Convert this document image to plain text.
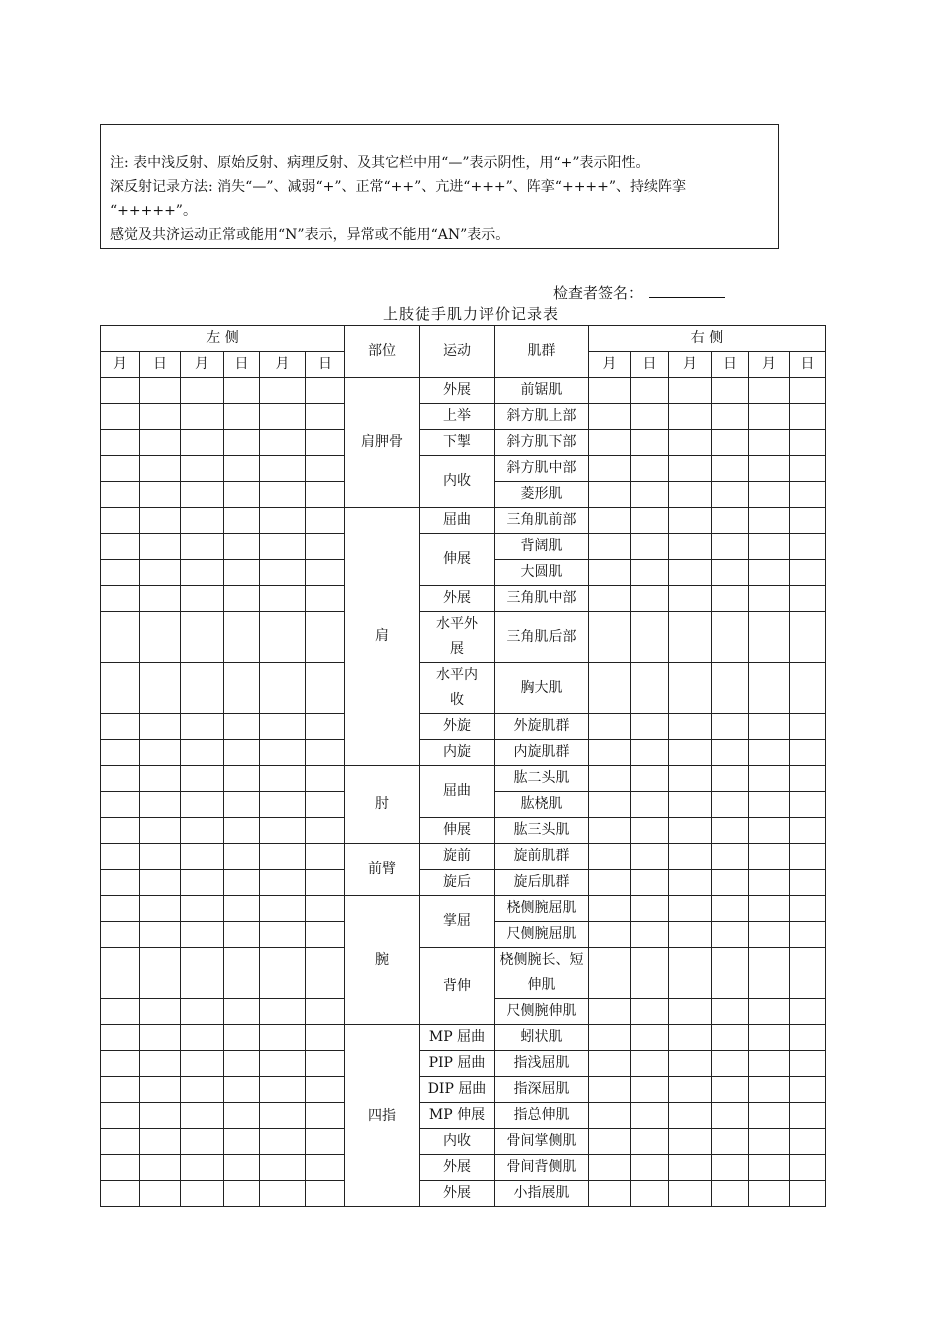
注: 表中浅反射、原始反射、病理反射、及其它栏中用“—”表示阴性，用“+”表示阳性。

深反射记录方法: 消失“—”、减弱“+”、正常“++”、亢进“+++”、阵挛“++++”、持续阵挛

“+++++”。

感觉及共济运动正常或能用“N”表示，异常或不能用“AN”表示。

检查者签名：
上肢徒手肌力评价记录表
左 侧						部位	运动	肌群	右 侧					
月	日	月	日	月	日				月	日	月	日	月	日
						肩胛骨	外展	前锯肌						
							上举	斜方肌上部						
							下掣	斜方肌下部						
							内收	斜方肌中部						
								菱形肌						
						肩	屈曲	三角肌前部						
							伸展	背阔肌						
								大圆肌						
							外展	三角肌中部						
							水平外展	三角肌后部						
							水平内收	胸大肌						
							外旋	外旋肌群						
							内旋	内旋肌群						
						肘	屈曲	肱二头肌						
								肱桡肌						
							伸展	肱三头肌						
						前臂	旋前	旋前肌群						
							旋后	旋后肌群						
						腕	掌屈	桡侧腕屈肌						
								尺侧腕屈肌						
							背伸	桡侧腕长、短伸肌						
								尺侧腕伸肌						
						四指	MP 屈曲	蚓状肌						
							PIP 屈曲	指浅屈肌						
							DIP 屈曲	指深屈肌						
							MP 伸展	指总伸肌						
							内收	骨间掌侧肌						
							外展	骨间背侧肌						
							外展	小指展肌						
